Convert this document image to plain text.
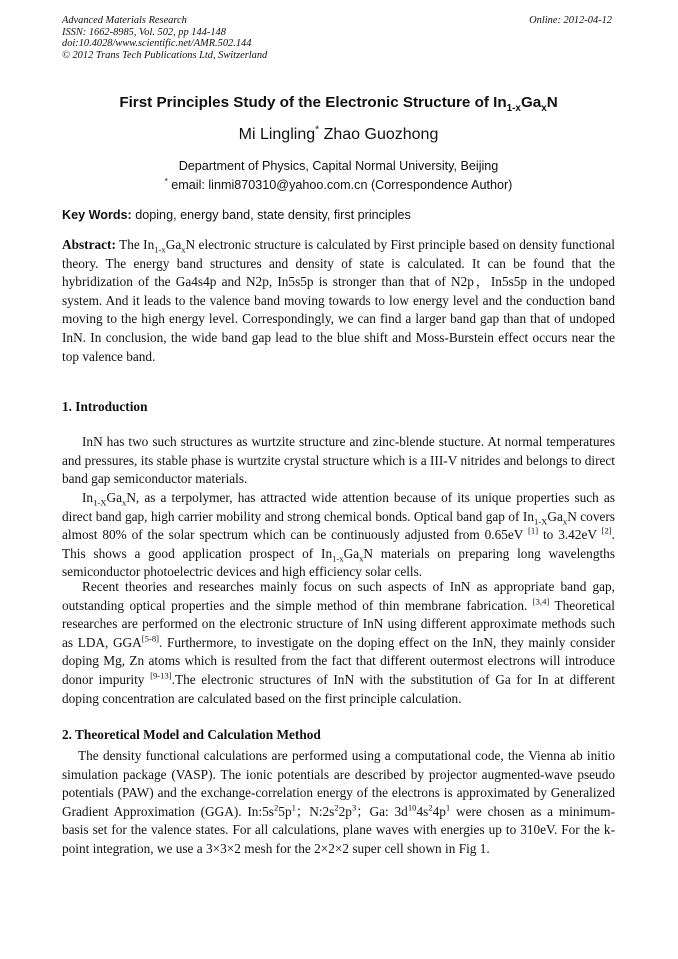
Advanced Materials Research
ISSN: 1662-8985, Vol. 502, pp 144-148
doi:10.4028/www.scientific.net/AMR.502.144
© 2012 Trans Tech Publications Ltd, Switzerland
Online: 2012-04-12
First Principles Study of the Electronic Structure of $In_{1-x}Ga_xN$
Mi Lingling* Zhao Guozhong
Department of Physics, Capital Normal University, Beijing
* email: linmi870310@yahoo.com.cn (Correspondence Author)
Key Words: doping, energy band, state density, first principles
Abstract: The $In_{1-x}Ga_xN$ electronic structure is calculated by First principle based on density functional theory. The energy band structures and density of state is calculated. It can be found that the hybridization of the Ga4s4p and N2p, In5s5p is stronger than that of N2p，In5s5p in the undoped system. And it leads to the valence band moving towards to low energy level and the conduction band moving to the high energy level. Correspondingly, we can find a larger band gap than that of undoped InN. In conclusion, the wide band gap lead to the blue shift and Moss-Burstein effect occurs near the top valence band.
1. Introduction
InN has two such structures as wurtzite structure and zinc-blende stucture. At normal temperatures and pressures, its stable phase is wurtzite crystal structure which is a III-V nitrides and belongs to direct band gap semiconductor materials.
$In_{1-X}Ga_xN$, as a terpolymer, has attracted wide attention because of its unique properties such as direct band gap, high carrier mobility and strong chemical bonds. Optical band gap of $In_{1-X}Ga_xN$ covers almost 80% of the solar spectrum which can be continuously adjusted from 0.65eV [1] to 3.42eV [2]. This shows a good application prospect of $In_{1-x}Ga_xN$ materials on preparing long wavelengths semiconductor photoelectric devices and high efficiency solar cells.
Recent theories and researches mainly focus on such aspects of InN as appropriate band gap, outstanding optical properties and the simple method of thin membrane fabrication. [3,4] Theoretical researches are performed on the electronic structure of InN using different approximate methods such as LDA, GGA[5-8]. Furthermore, to investigate on the doping effect on the InN, they mainly consider doping Mg, Zn atoms which is resulted from the fact that different outermost electrons will introduce donor impurity [9-13].The electronic structures of InN with the substitution of Ga for In at different doping concentration are calculated based on the first principle calculation.
2. Theoretical Model and Calculation Method
The density functional calculations are performed using a computational code, the Vienna ab initio simulation package (VASP). The ionic potentials are described by projector augmented-wave pseudo potentials (PAW) and the exchange-correlation energy of the electrons is approximated by Generalized Gradient Approximation (GGA). $In:5s^25p^1$；$N:2s^22p^3$；Ga: $3d^{10}4s^24p^1$ were chosen as a minimum-basis set for the valence states. For all calculations, plane waves with energies up to 310eV. For the k-point integration, we use a 3×3×2 mesh for the 2×2×2 super cell shown in Fig 1.
